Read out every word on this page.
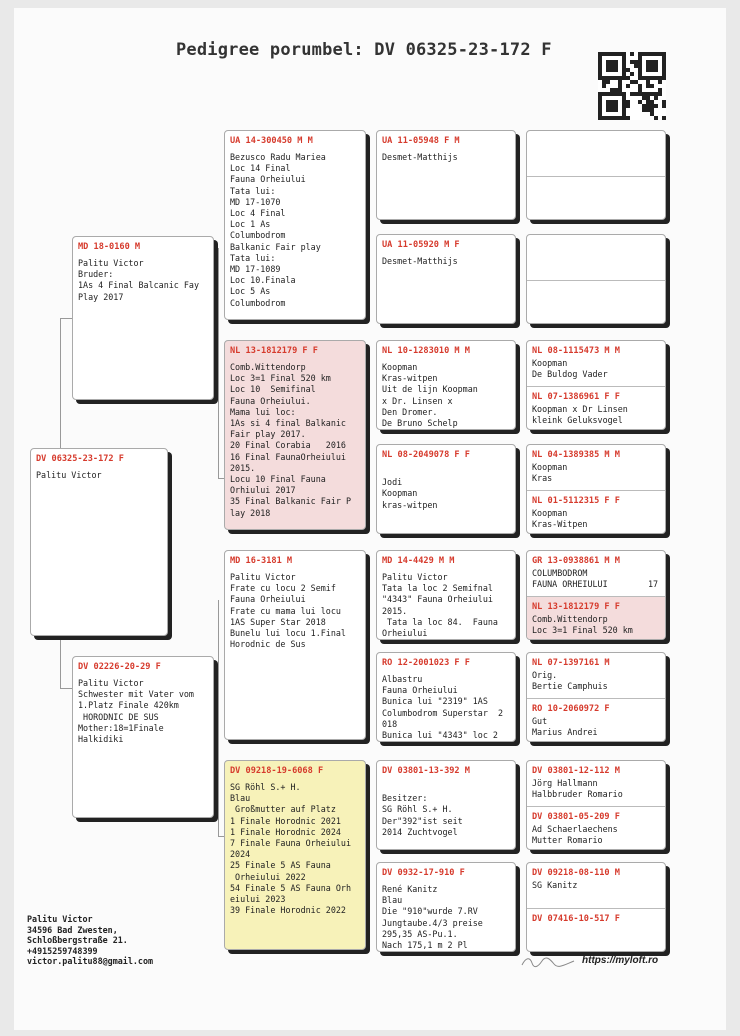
Pedigree porumbel: DV 06325-23-172 F
DV 06325-23-172 F
Palitu Victor
MD 18-0160 M
Palitu Victor
Bruder:
1As 4 Final Balcanic Fay
Play 2017
DV 02226-20-29 F
Palitu Victor
Schwester mit Vater vom
1.Platz Finale 420km
HORODNIC DE SUS
Mother:18=1Finale
Halkidiki
UA 14-300450 M M
Bezusco Radu Mariea
Loc 14 Final
Fauna Orheiului
Tata lui:
MD 17-1070
Loc 4 Final
Loc 1 As
Columbodrom
Balkanic Fair play
Tata lui:
MD 17-1089
Loc 10.Finala
Loc 5 As
Columbodrom
NL 13-1812179 F F
Comb.Wittendorp
Loc 3=1 Final 520 km
Loc 10  Semifinal
Fauna Orheiului.
Mama lui loc:
1As si 4 final Balkanic
Fair play 2017.
20 Final Corabia   2016
16 Final FaunaOrheiului
2015.
Locu 10 Final Fauna
Orhiului 2017
35 Final Balkanic Fair P
lay 2018
MD 16-3181 M
Palitu Victor
Frate cu locu 2 Semif
Fauna Orheiului
Frate cu mama lui locu
1AS Super Star 2018
Bunelu lui locu 1.Final
Horodnic de Sus
DV 09218-19-6068 F
SG Röhl S.+ H.
Blau
Großmutter auf Platz
1 Finale Horodnic 2021
1 Finale Horodnic 2024
7 Finale Fauna Orheiului
2024
25 Finale 5 AS Fauna
Orheiului 2022
54 Finale 5 AS Fauna Orh
eiului 2023
39 Finale Horodnic 2022
UA 11-05948 F M
Desmet-Matthijs
UA 11-05920 M F
Desmet-Matthijs
NL 10-1283010 M M
Koopman
Kras-witpen
Uit de lijn Koopman
x Dr. Linsen x
Den Dromer.
De Bruno Schelp
NL 08-2049078 F F

Jodi
Koopman
kras-witpen
MD 14-4429 M M
Palitu Victor
Tata la loc 2 Semifnal
"4343" Fauna Orheiului
2015.
Tata la loc 84.  Fauna
Orheiului
RO 12-2001023 F F
Albastru
Fauna Orheiului
Bunica lui "2319" 1AS
Columbodrom Superstar  2
018
Bunica lui "4343" loc 2
DV 03801-13-392 M

Besitzer:
SG Röhl S.+ H.
Der"392"ist seit
2014 Zuchtvogel
DV 0932-17-910 F
René Kanitz
Blau
Die "910"wurde 7.RV
Jungtaube.4/3 preise
295,35 AS-Pu.1.
Nach 175,1 m 2 Pl
NL 08-1115473 M M
Koopman
De Buldog Vader
NL 07-1386961 F F
Koopman x Dr Linsen
kleink Geluksvogel
NL 04-1389385 M M
Koopman
Kras
NL 01-5112315 F F
Koopman
Kras-Witpen
GR 13-0938861 M M
COLUMBODROM
FAUNA ORHEIULUI        17
NL 13-1812179 F F
Comb.Wittendorp
Loc 3=1 Final 520 km
NL 07-1397161 M
Orig.
Bertie Camphuis
RO 10-2060972 F
Gut
Marius Andrei
DV 03801-12-112 M
Jörg Hallmann
Halbbruder Romario
DV 03801-05-209 F
Ad Schaerlaechens
Mutter Romario
DV 09218-08-110 M
SG Kanitz
DV 07416-10-517 F
Palitu Victor
34596 Bad Zwesten,
Schloßbergstraße 21.
+4915259748399
victor.palitu88@gmail.com	https://myloft.ro
